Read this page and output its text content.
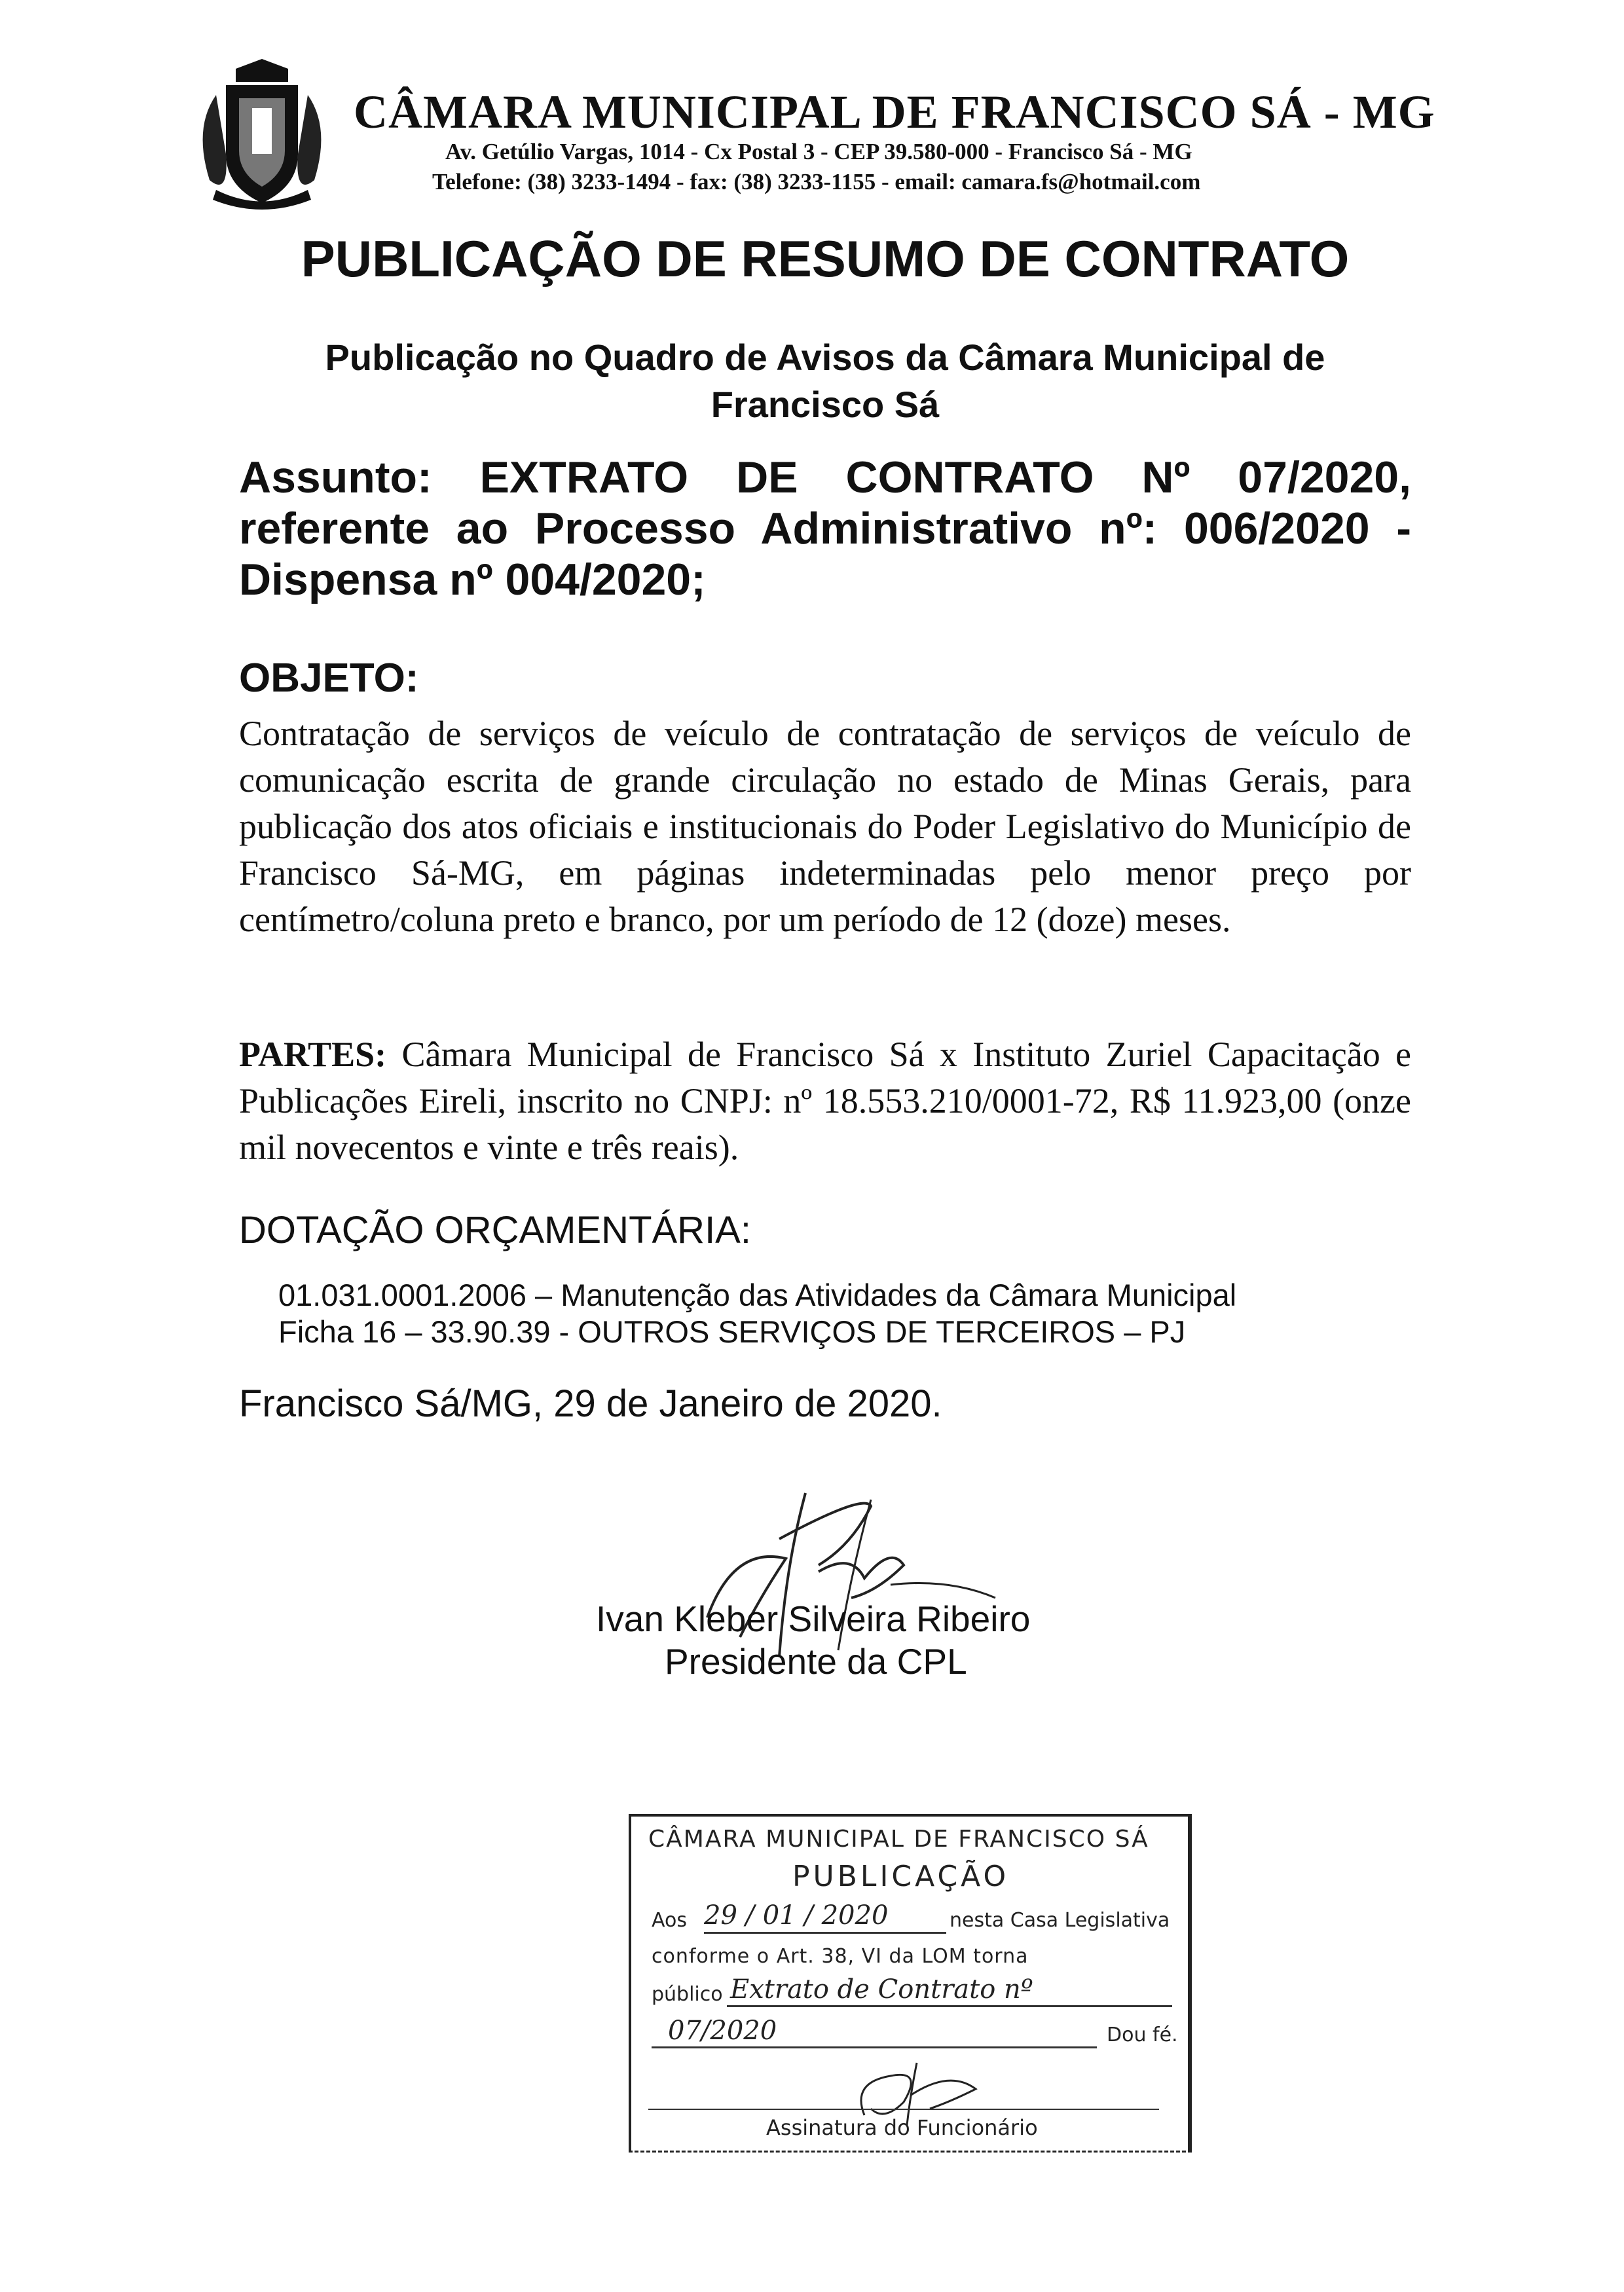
CÂMARA MUNICIPAL DE FRANCISCO SÁ - MG
Av. Getúlio Vargas, 1014 - Cx Postal 3 - CEP 39.580-000 - Francisco Sá - MG
Telefone: (38) 3233-1494 - fax: (38) 3233-1155 - email: camara.fs@hotmail.com
PUBLICAÇÃO DE RESUMO DE CONTRATO
Publicação no Quadro de Avisos da Câmara Municipal de
Francisco Sá
Assunto: EXTRATO DE CONTRATO Nº 07/2020, referente ao Processo Administrativo nº: 006/2020 - Dispensa nº 004/2020;
OBJETO:
Contratação de serviços de veículo de contratação de serviços de veículo de comunicação escrita de grande circulação no estado de Minas Gerais, para publicação dos atos oficiais e institucionais do Poder Legislativo do Município de Francisco Sá-MG, em páginas indeterminadas pelo menor preço por centímetro/coluna preto e branco, por um período de 12 (doze) meses.
PARTES: Câmara Municipal de Francisco Sá x Instituto Zuriel Capacitação e Publicações Eireli, inscrito no CNPJ: nº 18.553.210/0001-72, R$ 11.923,00 (onze mil novecentos e vinte e três reais).
DOTAÇÃO ORÇAMENTÁRIA:
01.031.0001.2006 – Manutenção das Atividades da Câmara Municipal
Ficha 16 – 33.90.39 - OUTROS SERVIÇOS DE TERCEIROS – PJ
Francisco Sá/MG, 29 de Janeiro de 2020.
Ivan Kleber Silveira Ribeiro
Presidente da CPL
CÂMARA MUNICIPAL DE FRANCISCO SÁ
PUBLICAÇÃO
Aos 29 / 01 / 2020	nesta Casa Legislativa
conforme o Art. 38, VI da LOM torna
público Extrato de Contrato nº
07/2020	Dou fé.
Assinatura do Funcionário
